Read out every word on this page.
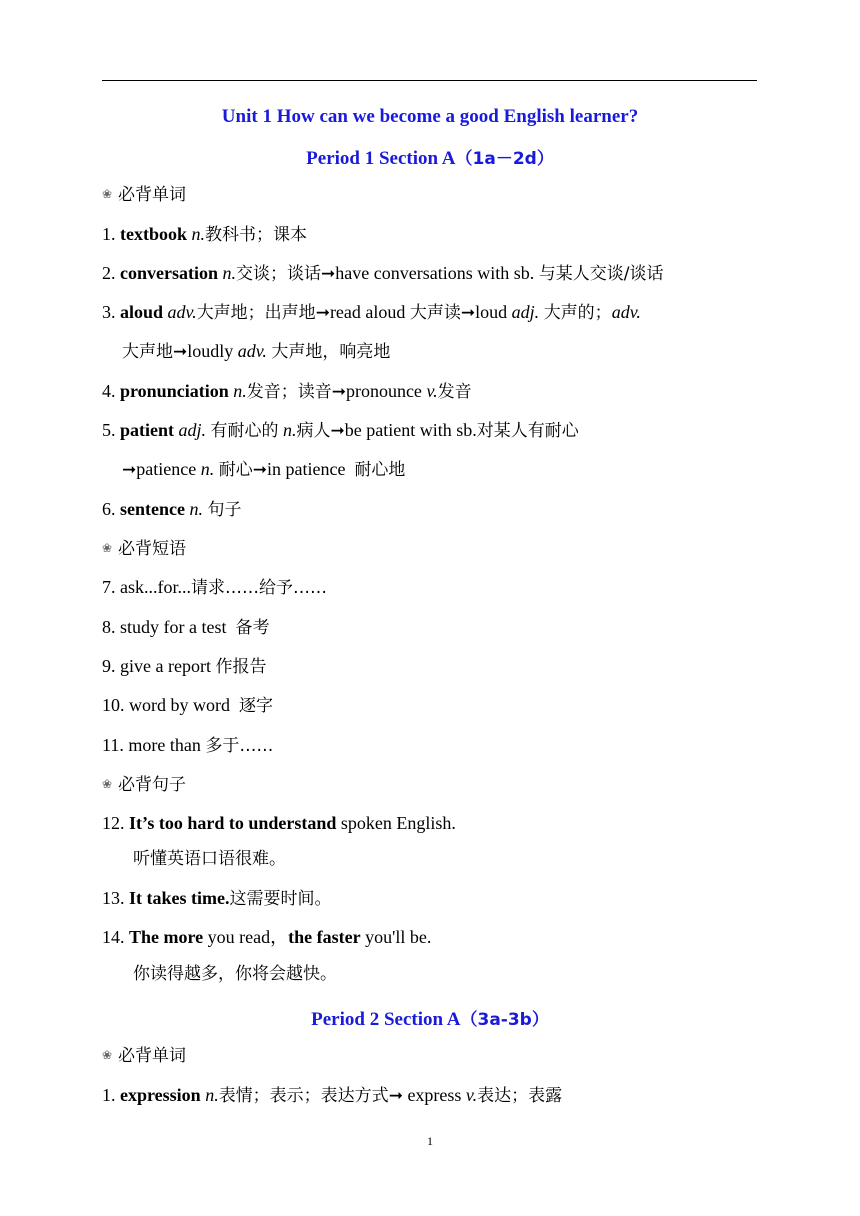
Unit 1 How can we become a good English learner?
Period 1 Section A（1a－2d）
❀ 必背单词
1. textbook n.教科书；课本
2. conversation n.交谈；谈话➞have conversations with sb. 与某人交谈/谈话
3. aloud adv.大声地；出声地➞read aloud 大声读➞loud adj. 大声的；adv.
大声地➞loudly adv. 大声地，响亮地
4. pronunciation n.发音；读音➞pronounce v.发音
5. patient adj. 有耐心的 n.病人➞be patient with sb.对某人有耐心
➞patience n. 耐心➞in patience 耐心地
6. sentence n. 句子
❀ 必背短语
7. ask...for...请求……给予……
8. study for a test 备考
9. give a report 作报告
10. word by word 逐字
11. more than 多于……
❀ 必背句子
12. It’s too hard to understand spoken English.
听懂英语口语很难。
13. It takes time.这需要时间。
14. The more you read，the faster you'll be.
你读得越多，你将会越快。
Period 2 Section A（3a-3b）
❀ 必背单词
1. expression n.表情；表示；表达方式➞ express v.表达；表露
1
